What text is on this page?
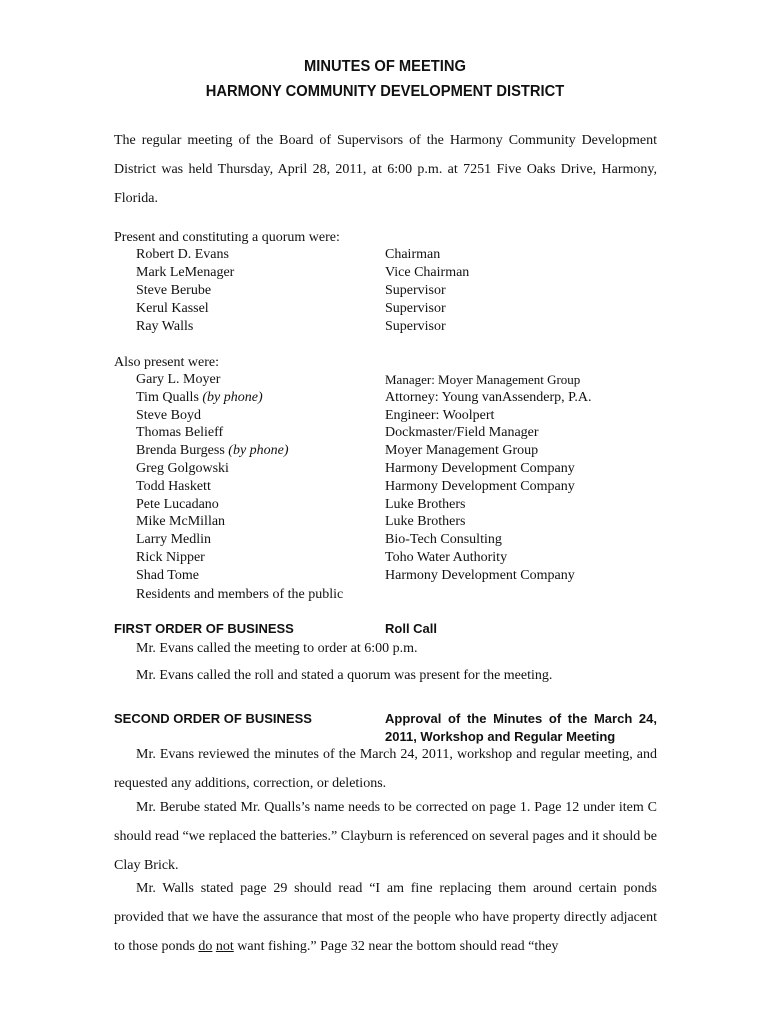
MINUTES OF MEETING
HARMONY COMMUNITY DEVELOPMENT DISTRICT
The regular meeting of the Board of Supervisors of the Harmony Community Development District was held Thursday, April 28, 2011, at 6:00 p.m. at 7251 Five Oaks Drive, Harmony, Florida.
Present and constituting a quorum were:
Robert D. Evans	Chairman
Mark LeMenager	Vice Chairman
Steve Berube	Supervisor
Kerul Kassel	Supervisor
Ray Walls	Supervisor
Also present were:
Gary L. Moyer	Manager: Moyer Management Group
Tim Qualls (by phone)	Attorney: Young vanAssenderp, P.A.
Steve Boyd	Engineer: Woolpert
Thomas Belieff	Dockmaster/Field Manager
Brenda Burgess (by phone)	Moyer Management Group
Greg Golgowski	Harmony Development Company
Todd Haskett	Harmony Development Company
Pete Lucadano	Luke Brothers
Mike McMillan	Luke Brothers
Larry Medlin	Bio-Tech Consulting
Rick Nipper	Toho Water Authority
Shad Tome	Harmony Development Company
Residents and members of the public
FIRST ORDER OF BUSINESS	Roll Call
Mr. Evans called the meeting to order at 6:00 p.m.
Mr. Evans called the roll and stated a quorum was present for the meeting.
SECOND ORDER OF BUSINESS	Approval of the Minutes of the March 24,
2011, Workshop and Regular Meeting
Mr. Evans reviewed the minutes of the March 24, 2011, workshop and regular meeting, and requested any additions, correction, or deletions.
Mr. Berube stated Mr. Qualls’s name needs to be corrected on page 1. Page 12 under item C should read “we replaced the batteries.” Clayburn is referenced on several pages and it should be Clay Brick.
Mr. Walls stated page 29 should read “I am fine replacing them around certain ponds provided that we have the assurance that most of the people who have property directly adjacent to those ponds do not want fishing.” Page 32 near the bottom should read “they
